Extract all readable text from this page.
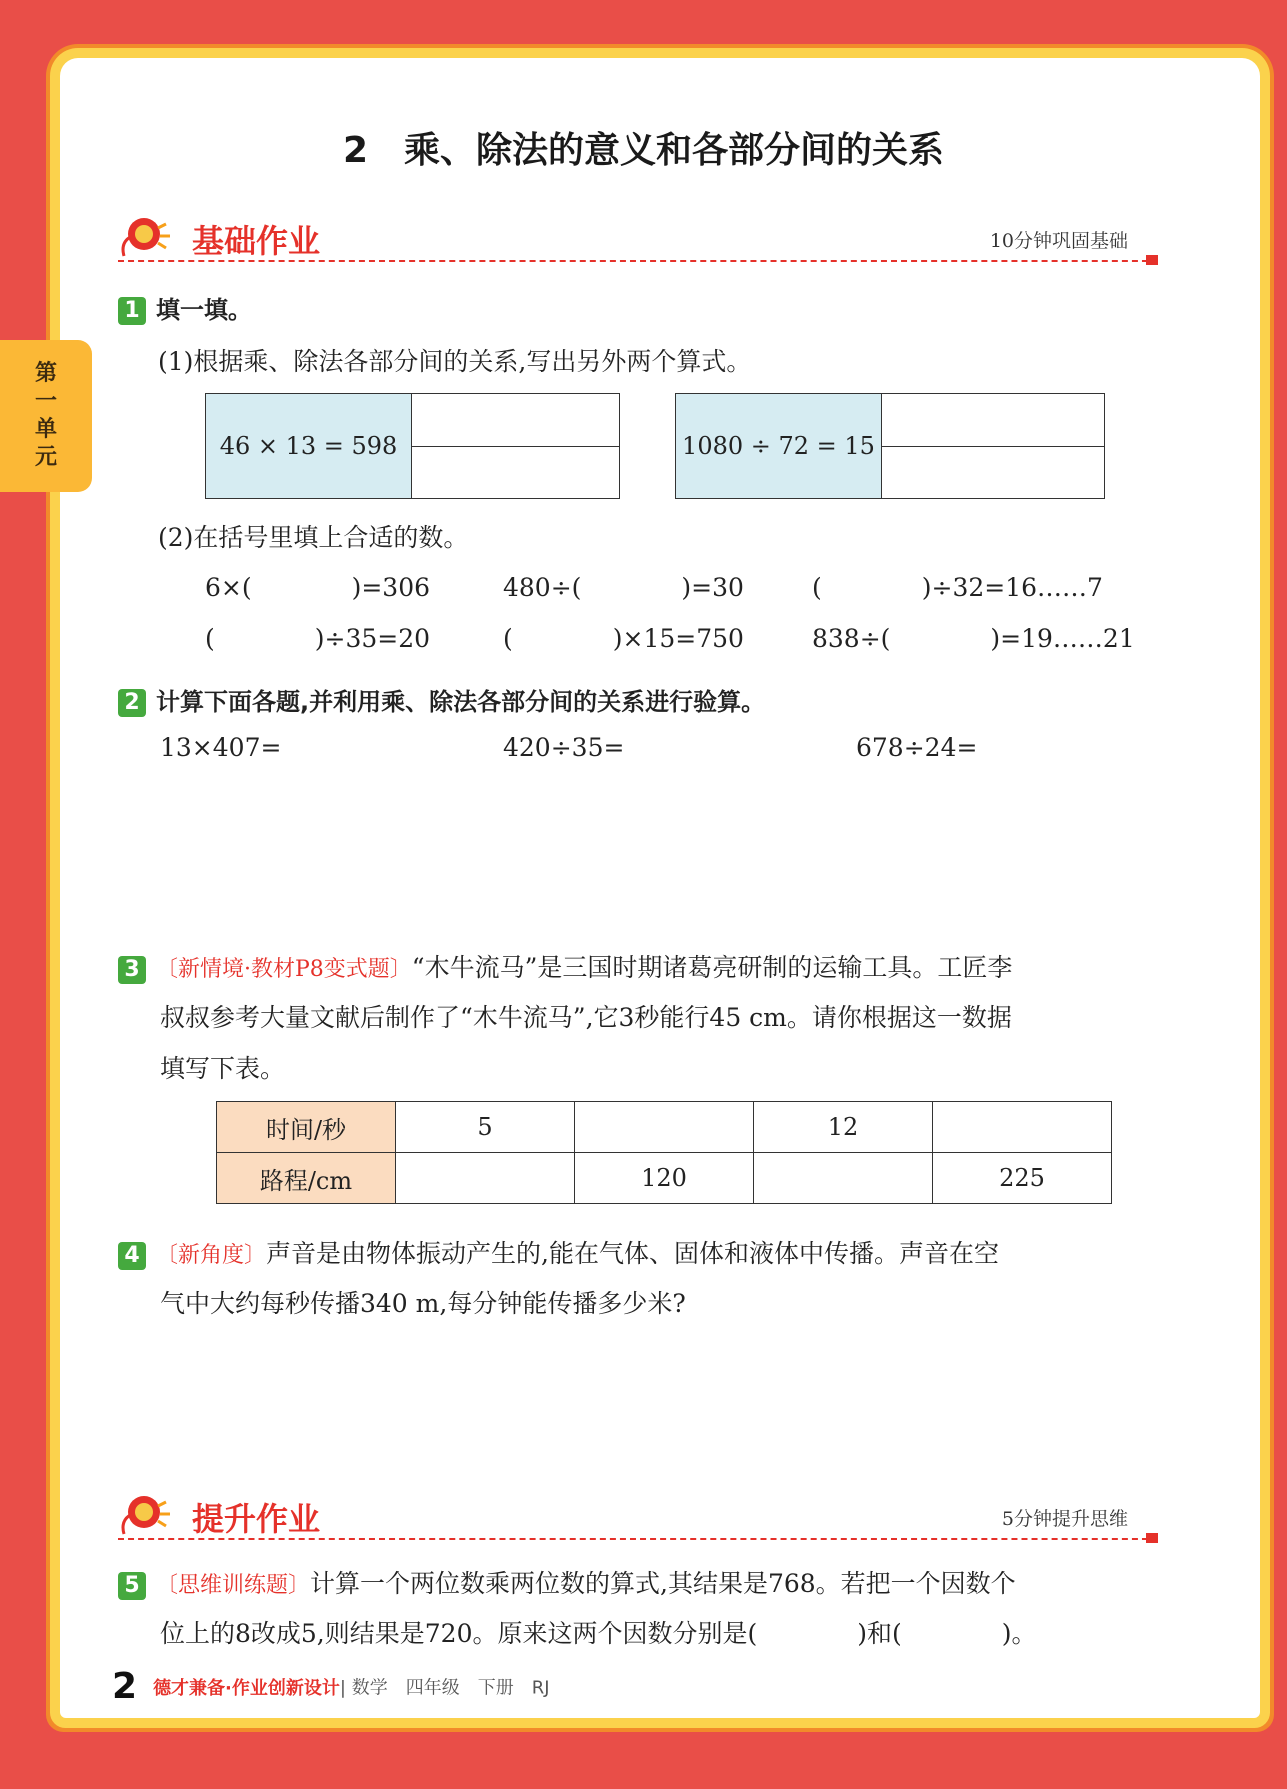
第
一
单
元
2　乘、除法的意义和各部分间的关系
基础作业	10分钟巩固基础
1 填一填。
(1)根据乘、除法各部分间的关系,写出另外两个算式。
46 × 13 = 598	1080 ÷ 72 = 15
(2)在括号里填上合适的数。
6×(　　　　)=306	480÷(　　　　)=30	(　　　　)÷32=16……7
(　　　　)÷35=20	(　　　　)×15=750	838÷(　　　　)=19……21
2 计算下面各题,并利用乘、除法各部分间的关系进行验算。
13×407=	420÷35=	678÷24=
3 〔新情境·教材P8变式题〕“木牛流马”是三国时期诸葛亮研制的运输工具。工匠李
叔叔参考大量文献后制作了“木牛流马”,它3秒能行45 cm。请你根据这一数据
填写下表。
时间/秒	5		12	
路程/cm		120		225
4 〔新角度〕声音是由物体振动产生的,能在气体、固体和液体中传播。声音在空
气中大约每秒传播340 m,每分钟能传播多少米?
提升作业	5分钟提升思维
5 〔思维训练题〕计算一个两位数乘两位数的算式,其结果是768。若把一个因数个
位上的8改成5,则结果是720。原来这两个因数分别是(　　　　)和(　　　　)。
2 德才兼备·作业创新设计| 数学　四年级　下册　RJ
